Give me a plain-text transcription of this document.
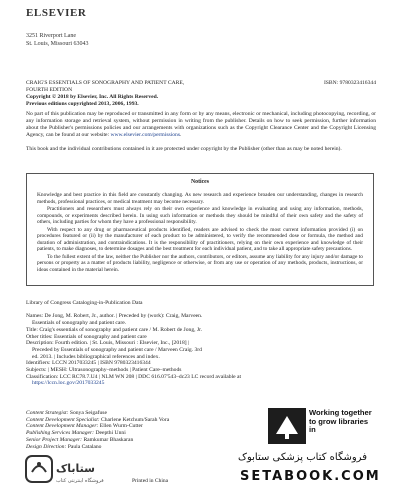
ELSEVIER
3251 Riverport Lane
St. Louis, Missouri 63043
CRAIG'S ESSENTIALS OF SONOGRAPHY AND PATIENT CARE,
FOURTH EDITION
ISBN: 9780323416344
Copyright © 2018 by Elsevier, Inc. All Rights Reserved.
Previous editions copyrighted 2013, 2006, 1993.
No part of this publication may be reproduced or transmitted in any form or by any means, electronic or mechanical, including photocopying, recording, or any information storage and retrieval system, without permission in writing from the publisher. Details on how to seek permission, further information about the Publisher's permissions policies and our arrangements with organizations such as the Copyright Clearance Center and the Copyright Licensing Agency, can be found at our website: www.elsevier.com/permissions.
This book and the individual contributions contained in it are protected under copyright by the Publisher (other than as may be noted herein).
Notices

Knowledge and best practice in this field are constantly changing. As new research and experience broaden our understanding, changes in research methods, professional practices, or medical treatment may become necessary.

Practitioners and researchers must always rely on their own experience and knowledge in evaluating and using any information, methods, compounds, or experiments described herein. In using such information or methods they should be mindful of their own safety and the safety of others, including parties for whom they have a professional responsibility.

With respect to any drug or pharmaceutical products identified, readers are advised to check the most current information provided (i) on procedures featured or (ii) by the manufacturer of each product to be administered, to verify the recommended dose or formula, the method and duration of administration, and contraindications. It is the responsibility of practitioners, relying on their own experience and knowledge of their patients, to make diagnoses, to determine dosages and the best treatment for each individual patient, and to take all appropriate safety precautions.

To the fullest extent of the law, neither the Publisher nor the authors, contributors, or editors, assume any liability for any injury and/or damage to persons or property as a matter of products liability, negligence or otherwise, or from any use or operation of any methods, products, instructions, or ideas contained in the material herein.

Library of Congress Cataloging-in-Publication Data
Names: De Jong, M. Robert, Jr., author. | Preceded by (work): Craig, Marveen.
Essentials of sonography and patient care.
Title: Craig's essentials of sonography and patient care / M. Robert de Jong, Jr.
Other titles: Essentials of sonography and patient care
Description: Fourth edition. | St. Louis, Missouri : Elsevier, Inc., [2018] |
Preceded by Essentials of sonography and patient care / Marveen Craig. 3rd
ed. 2013. | Includes bibliographical references and index.
Identifiers: LCCN 2017033245 | ISBN 9780323416344
Subjects: | MESH: Ultrasonography–methods | Patient Care–methods
Classification: LCC RC78.7.U4 | NLM WN 208 | DDC 616.07'543–dc23 LC record available at
https://lccn.loc.gov/2017033245
Content Strategist: Sonya Seigafuse
Content Development Specialist: Charlene Ketchum/Sarah Vora
Content Development Manager: Ellen Wurm-Cutter
Publishing Services Manager: Deepthi Unni
Senior Project Manager: Ramkumar Bhaskaran
Design Direction: Paula Catalano
ستاباک
فروشگاه اینترنتی کتاب	Printed in China
Working together
to grow libraries in
فروشگاه کتاب پزشکی ستابوک
SETABOOK.COM
